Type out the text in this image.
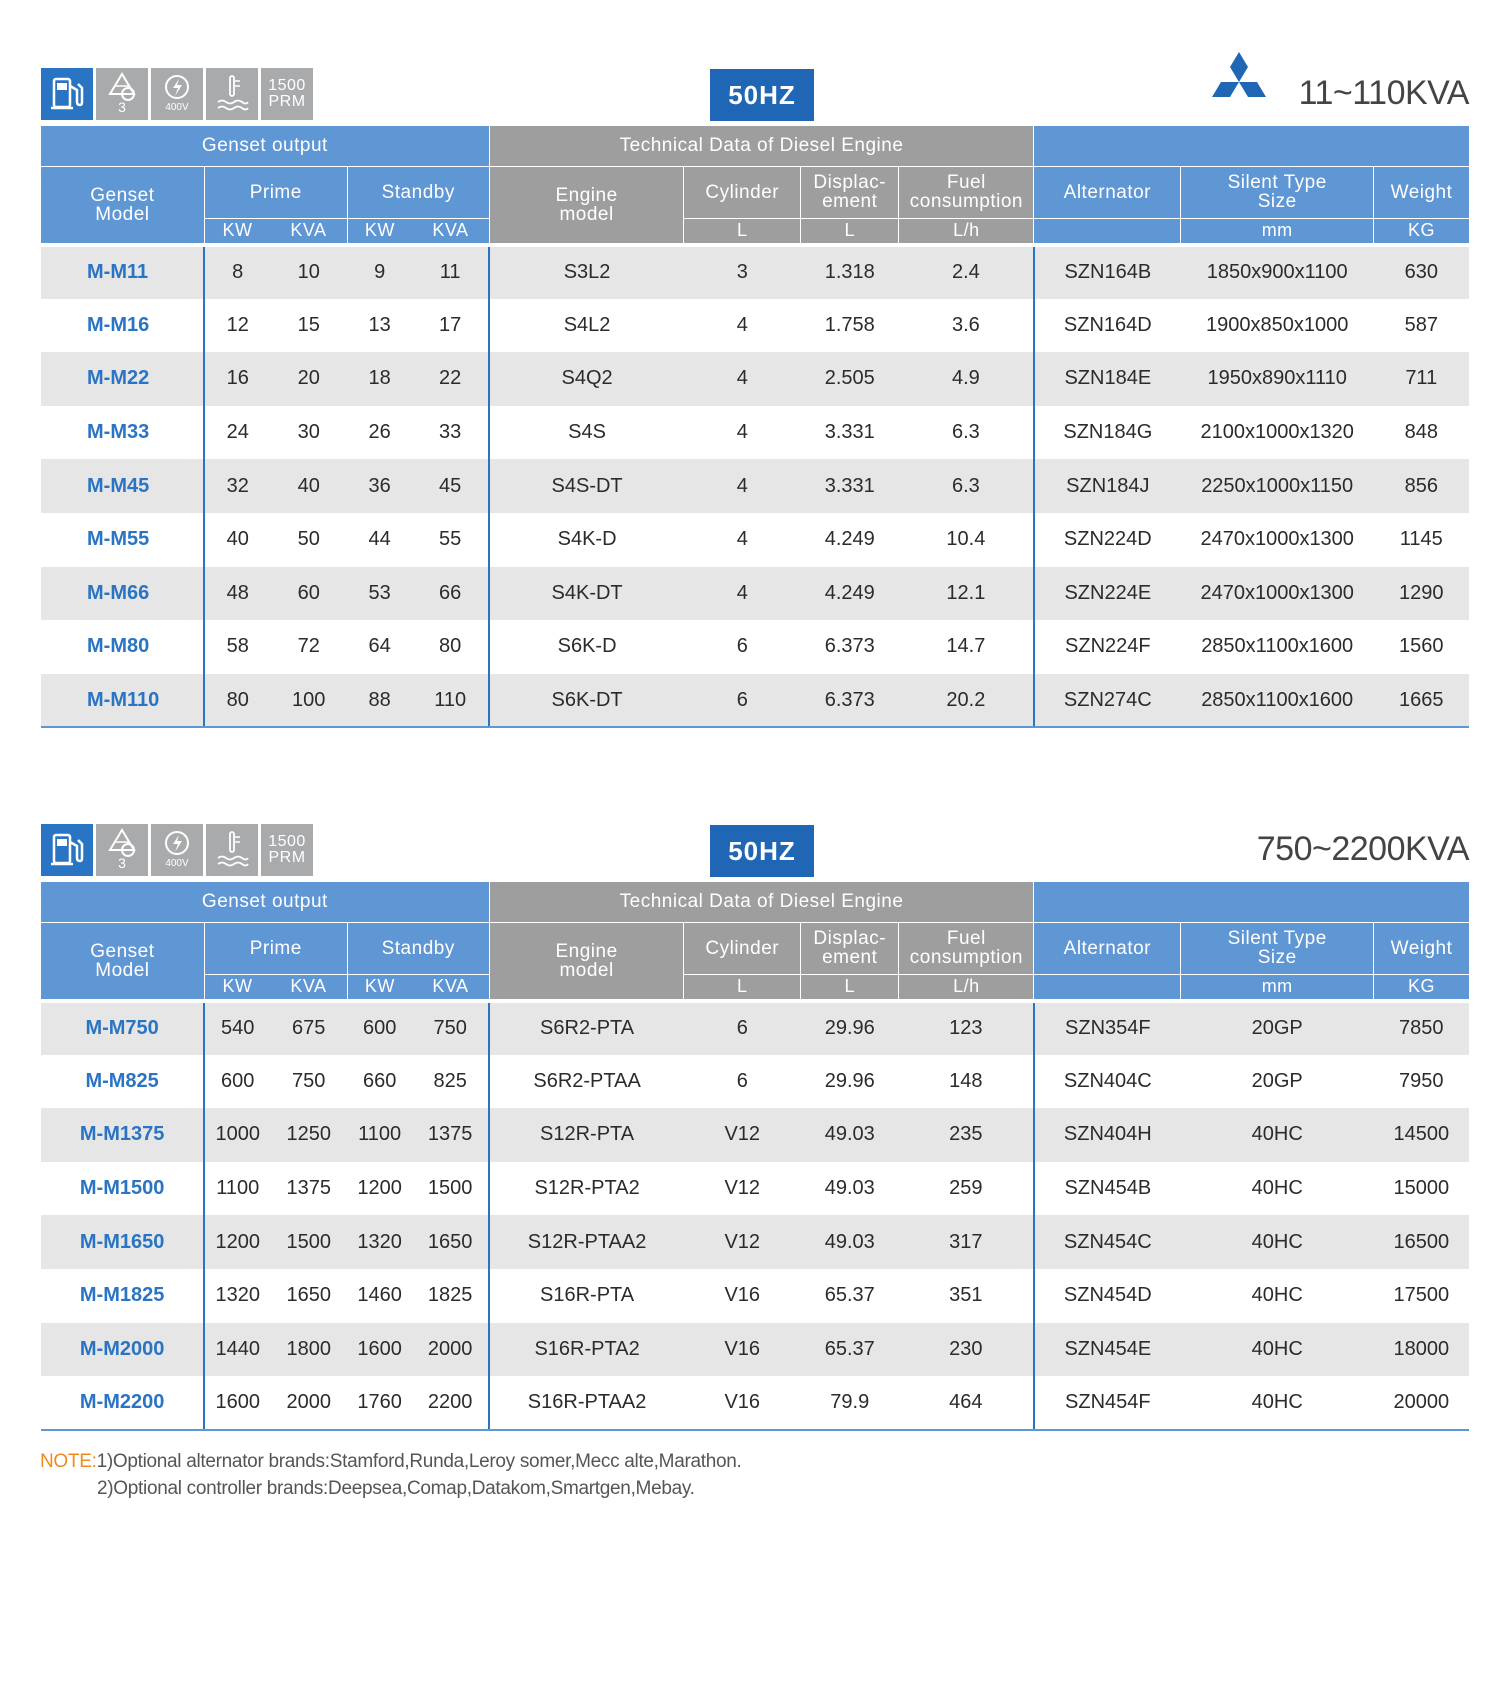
3	400V
1500
PRM	50HZ	11~110KVA
Genset output					Technical Data of Diesel Engine						
Genset
Model	Prime		Standby		Engine
model	Cylinder	Displac-
ement	Fuel
consumption	Alternator	Silent Type
Size	Weight
	KW	KVA	KW	KVA		L	L	L/h		mm	KG
M-M11	8	10	9	11	S3L2	3	1.318	2.4	SZN164B	1850x900x1100	630
M-M16	12	15	13	17	S4L2	4	1.758	3.6	SZN164D	1900x850x1000	587
M-M22	16	20	18	22	S4Q2	4	2.505	4.9	SZN184E	1950x890x1110	711
M-M33	24	30	26	33	S4S	4	3.331	6.3	SZN184G	2100x1000x1320	848
M-M45	32	40	36	45	S4S-DT	4	3.331	6.3	SZN184J	2250x1000x1150	856
M-M55	40	50	44	55	S4K-D	4	4.249	10.4	SZN224D	2470x1000x1300	1145
M-M66	48	60	53	66	S4K-DT	4	4.249	12.1	SZN224E	2470x1000x1300	1290
M-M80	58	72	64	80	S6K-D	6	6.373	14.7	SZN224F	2850x1100x1600	1560
M-M110	80	100	88	110	S6K-DT	6	6.373	20.2	SZN274C	2850x1100x1600	1665
3	400V
1500
PRM	50HZ	750~2200KVA
Genset output					Technical Data of Diesel Engine						
Genset
Model	Prime		Standby		Engine
model	Cylinder	Displac-
ement	Fuel
consumption	Alternator	Silent Type
Size	Weight
	KW	KVA	KW	KVA		L	L	L/h		mm	KG
M-M750	540	675	600	750	S6R2-PTA	6	29.96	123	SZN354F	20GP	7850
M-M825	600	750	660	825	S6R2-PTAA	6	29.96	148	SZN404C	20GP	7950
M-M1375	1000	1250	1100	1375	S12R-PTA	V12	49.03	235	SZN404H	40HC	14500
M-M1500	1100	1375	1200	1500	S12R-PTA2	V12	49.03	259	SZN454B	40HC	15000
M-M1650	1200	1500	1320	1650	S12R-PTAA2	V12	49.03	317	SZN454C	40HC	16500
M-M1825	1320	1650	1460	1825	S16R-PTA	V16	65.37	351	SZN454D	40HC	17500
M-M2000	1440	1800	1600	2000	S16R-PTA2	V16	65.37	230	SZN454E	40HC	18000
M-M2200	1600	2000	1760	2200	S16R-PTAA2	V16	79.9	464	SZN454F	40HC	20000
NOTE:1)Optional alternator brands:Stamford,Runda,Leroy somer,Mecc alte,Marathon.
2)Optional controller brands:Deepsea,Comap,Datakom,Smartgen,Mebay.
